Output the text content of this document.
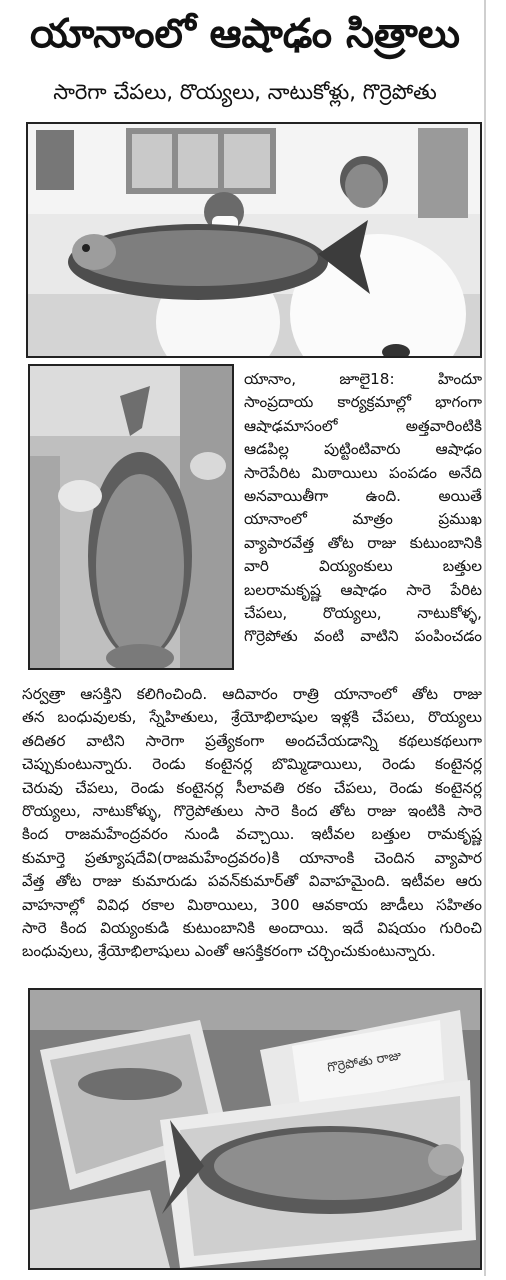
యానాంలో ఆషాఢం సిత్రాలు
సారెగా చేపలు, రొయ్యలు, నాటుకోళ్లు, గొర్రెపోతు
యానాం, జూలై18: హిందూ
సాంప్రదాయ కార్యక్రమాల్లో భాగంగా
ఆషాఢమాసంలో అత్తవారింటికి
ఆడపిల్ల పుట్టింటివారు ఆషాఢం
సారెపేరిట మిఠాయిలు పంపడం అనేది
అనవాయితీగా ఉంది. అయితే
యానాంలో మాత్రం ప్రముఖ
వ్యాపారవేత్త తోట రాజు కుటుంబానికి
వారి వియ్యంకులు బత్తుల
బలరామకృష్ణ ఆషాఢం సారె పేరిట
చేపలు, రొయ్యలు, నాటుకోళ్ళ,
గొర్రెపోతు వంటి వాటిని పంపించడం
సర్వత్రా ఆసక్తిని కలిగించింది. ఆదివారం రాత్రి యానాంలో తోట రాజు
తన బంధువులకు, స్నేహితులు, శ్రేయోభిలాషుల ఇళ్లకి చేపలు, రొయ్యలు
తదితర వాటిని సారెగా ప్రత్యేకంగా అందచేయడాన్ని కథలుకథలుగా
చెప్పుకుంటున్నారు. రెండు కంటైనర్ల బొమ్మిడాయిలు, రెండు కంటైనర్ల
చెరువు చేపలు, రెండు కంటైనర్ల సీలావతి రకం చేపలు, రెండు కంటైనర్ల
రొయ్యలు, నాటుకోళ్ళు, గొర్రెపోతులు సారె కింద తోట రాజు ఇంటికి సారె
కింద రాజమహేంద్రవరం నుండి వచ్చాయి. ఇటీవల బత్తుల రామకృష్ణ
కుమార్తె ప్రత్యూషదేవి(రాజమహేంద్రవరం)కి యానాంకి చెందిన వ్యాపార
వేత్త తోట రాజు కుమారుడు పవన్‌కుమార్‌తో వివాహమైంది. ఇటీవల ఆరు
వాహనాల్లో వివిధ రకాల మిఠాయిలు, 300 ఆవకాయ జాడీలు సహితం
సారె కింద వియ్యంకుడి కుటుంబానికి అందాయి. ఇదే విషయం గురించి
బంధువులు, శ్రేయోభిలాషులు ఎంతో ఆసక్తికరంగా చర్చించుకుంటున్నారు.
గొర్రెపోతు రాజు
